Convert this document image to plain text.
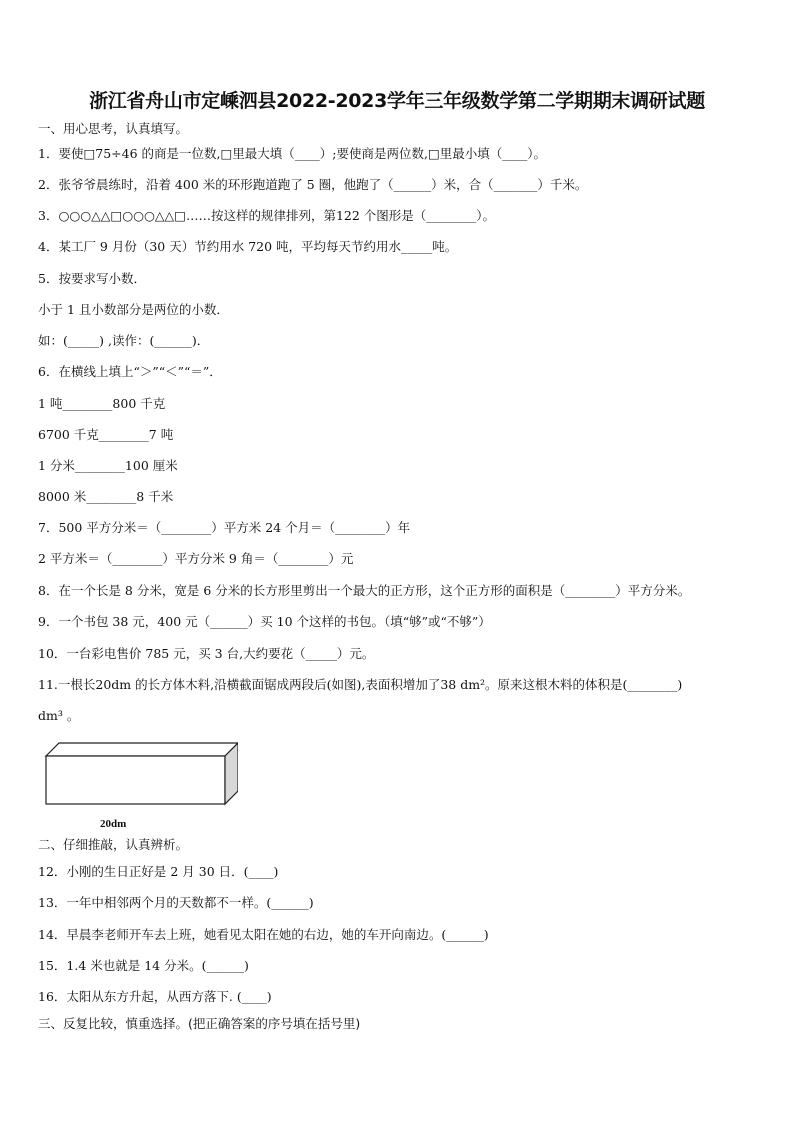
浙江省舟山市定嵊泗县2022-2023学年三年级数学第二学期期末调研试题
一、用心思考，认真填写。
1．要使□75÷46 的商是一位数,□里最大填（____）;要使商是两位数,□里最小填（____）。
2．张爷爷晨练时，沿着 400 米的环形跑道跑了 5 圈，他跑了（______）米，合（_______）千米。
3．○○○△△□○○○△△□……按这样的规律排列，第122 个图形是（________）。
4．某工厂 9 月份（30 天）节约用水 720 吨，平均每天节约用水_____吨。
5．按要求写小数．
小于 1 且小数部分是两位的小数．
如：(_____) ,读作：(______)．
6．在横线上填上“＞”“＜”“＝”．
1 吨________800 千克
6700 千克________7 吨
1 分米________100 厘米
8000 米________8 千米
7．500 平方分米＝（________）平方米 24 个月＝（________）年
2 平方米＝（________）平方分米 9 角＝（________）元
8．在一个长是 8 分米，宽是 6 分米的长方形里剪出一个最大的正方形，这个正方形的面积是（________）平方分米。
9．一个书包 38 元，400 元（______）买 10 个这样的书包。（填“够”或“不够”）
10．一台彩电售价 785 元，买 3 台,大约要花（_____）元。
11.一根长20dm 的长方体木料,沿横截面锯成两段后(如图),表面积增加了38 dm²。原来这根木料的体积是(________)
dm³ 。
20dm
二、仔细推敲，认真辨析。
12．小刚的生日正好是 2 月 30 日．(____)
13．一年中相邻两个月的天数都不一样。(______)
14．早晨李老师开车去上班，她看见太阳在她的右边，她的车开向南边。(______)
15．1.4 米也就是 14 分米。(______)
16．太阳从东方升起，从西方落下. (____)
三、反复比较，慎重选择。(把正确答案的序号填在括号里)
